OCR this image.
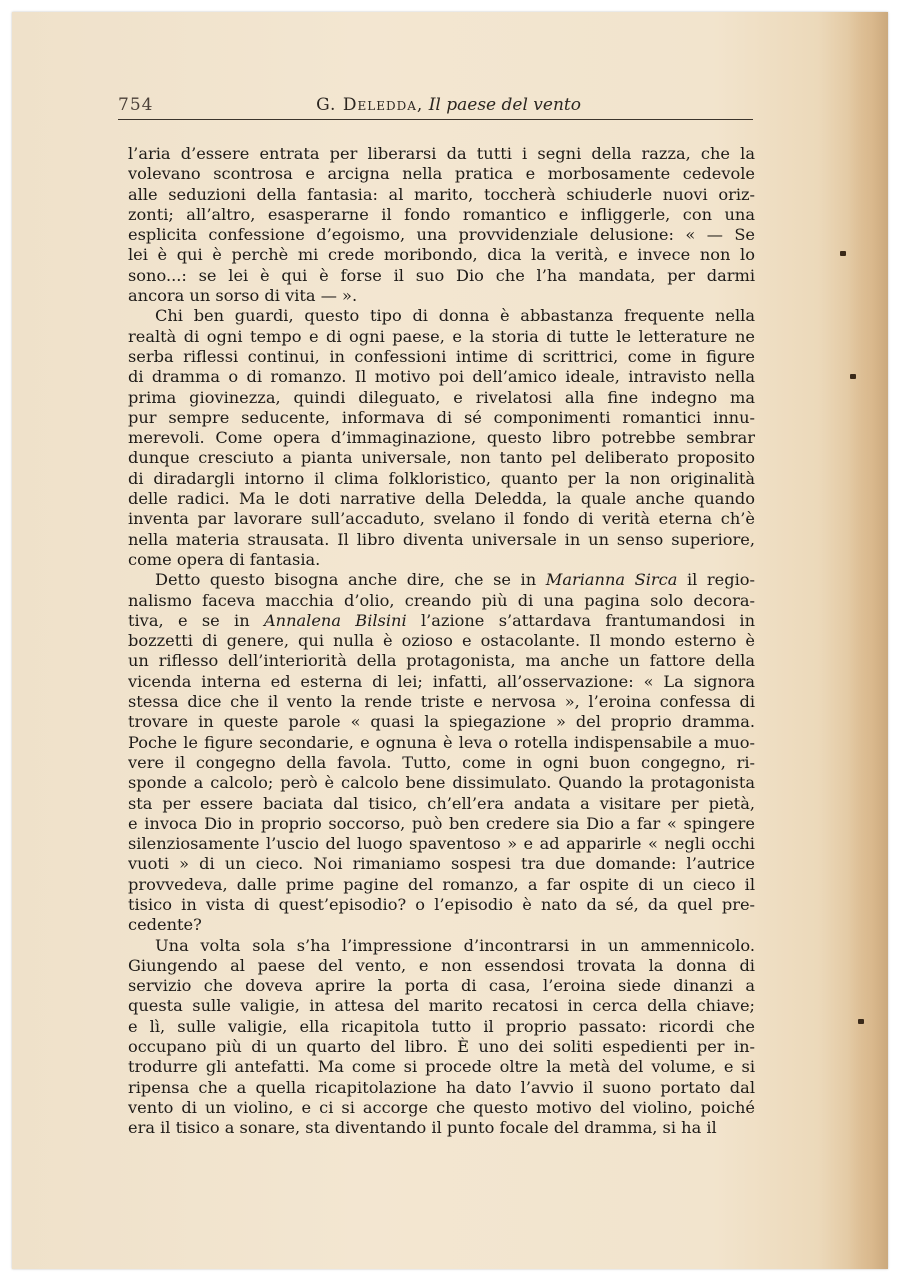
754	G. Deledda, Il paese del vento
l’aria d’essere entrata per liberarsi da tutti i segni della razza, che la
volevano scontrosa e arcigna nella pratica e morbosamente cedevole
alle seduzioni della fantasia: al marito, toccherà schiuderle nuovi oriz-
zonti; all’altro, esasperarne il fondo romantico e infliggerle, con una
esplicita confessione d’egoismo, una provvidenziale delusione: « — Se
lei è qui è perchè mi crede moribondo, dica la verità, e invece non lo
sono...: se lei è qui è forse il suo Dio che l’ha mandata, per darmi
ancora un sorso di vita — ».
Chi ben guardi, questo tipo di donna è abbastanza frequente nella
realtà di ogni tempo e di ogni paese, e la storia di tutte le letterature ne
serba riflessi continui, in confessioni intime di scrittrici, come in figure
di dramma o di romanzo. Il motivo poi dell’amico ideale, intravisto nella
prima giovinezza, quindi dileguato, e rivelatosi alla fine indegno ma
pur sempre seducente, informava di sé componimenti romantici innu-
merevoli. Come opera d’immaginazione, questo libro potrebbe sembrar
dunque cresciuto a pianta universale, non tanto pel deliberato proposito
di diradargli intorno il clima folkloristico, quanto per la non originalità
delle radici. Ma le doti narrative della Deledda, la quale anche quando
inventa par lavorare sull’accaduto, svelano il fondo di verità eterna ch’è
nella materia strausata. Il libro diventa universale in un senso superiore,
come opera di fantasia.
Detto questo bisogna anche dire, che se in Marianna Sirca il regio-
nalismo faceva macchia d’olio, creando più di una pagina solo decora-
tiva, e se in Annalena Bilsini l’azione s’attardava frantumandosi in
bozzetti di genere, qui nulla è ozioso e ostacolante. Il mondo esterno è
un riflesso dell’interiorità della protagonista, ma anche un fattore della
vicenda interna ed esterna di lei; infatti, all’osservazione: « La signora
stessa dice che il vento la rende triste e nervosa », l’eroina confessa di
trovare in queste parole « quasi la spiegazione » del proprio dramma.
Poche le figure secondarie, e ognuna è leva o rotella indispensabile a muo-
vere il congegno della favola. Tutto, come in ogni buon congegno, ri-
sponde a calcolo; però è calcolo bene dissimulato. Quando la protagonista
sta per essere baciata dal tisico, ch’ell’era andata a visitare per pietà,
e invoca Dio in proprio soccorso, può ben credere sia Dio a far « spingere
silenziosamente l’uscio del luogo spaventoso » e ad apparirle « negli occhi
vuoti » di un cieco. Noi rimaniamo sospesi tra due domande: l’autrice
provvedeva, dalle prime pagine del romanzo, a far ospite di un cieco il
tisico in vista di quest’episodio? o l’episodio è nato da sé, da quel pre-
cedente?
Una volta sola s’ha l’impressione d’incontrarsi in un ammennicolo.
Giungendo al paese del vento, e non essendosi trovata la donna di
servizio che doveva aprire la porta di casa, l’eroina siede dinanzi a
questa sulle valigie, in attesa del marito recatosi in cerca della chiave;
e lì, sulle valigie, ella ricapitola tutto il proprio passato: ricordi che
occupano più di un quarto del libro. È uno dei soliti espedienti per in-
trodurre gli antefatti. Ma come si procede oltre la metà del volume, e si
ripensa che a quella ricapitolazione ha dato l’avvio il suono portato dal
vento di un violino, e ci si accorge che questo motivo del violino, poiché
era il tisico a sonare, sta diventando il punto focale del dramma, si ha il
